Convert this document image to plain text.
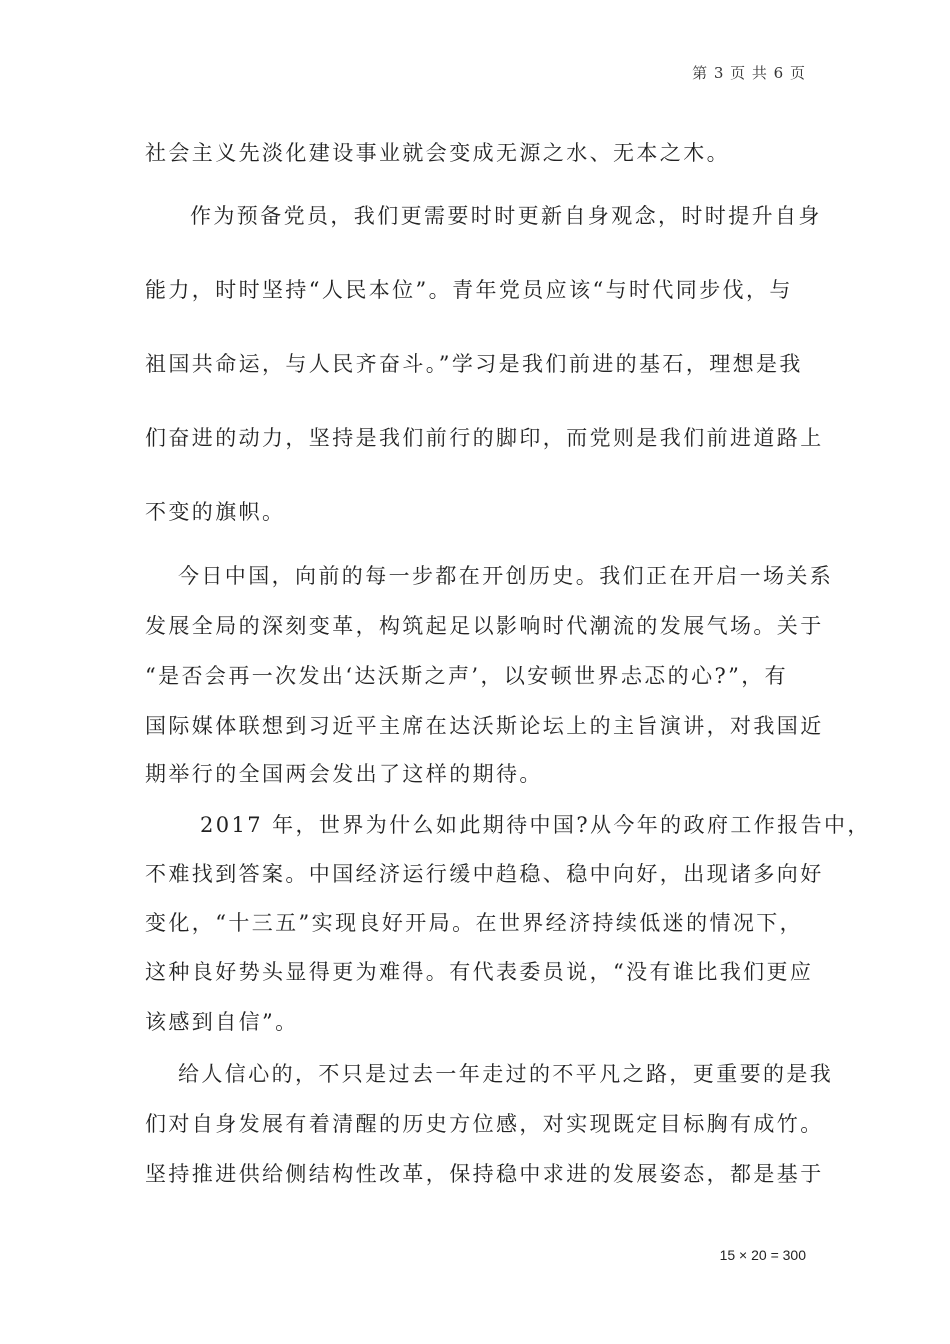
第 3 页 共 6 页
社会主义先淡化建设事业就会变成无源之水、无本之木。
作为预备党员，我们更需要时时更新自身观念，时时提升自身
能力，时时坚持“人民本位”。青年党员应该“与时代同步伐，与
祖国共命运，与人民齐奋斗。”学习是我们前进的基石，理想是我
们奋进的动力，坚持是我们前行的脚印，而党则是我们前进道路上
不变的旗帜。
今日中国，向前的每一步都在开创历史。我们正在开启一场关系
发展全局的深刻变革，构筑起足以影响时代潮流的发展气场。关于
“是否会再一次发出‘达沃斯之声’，以安顿世界忐忑的心?”，有
国际媒体联想到习近平主席在达沃斯论坛上的主旨演讲，对我国近
期举行的全国两会发出了这样的期待。
2017 年，世界为什么如此期待中国?从今年的政府工作报告中，
不难找到答案。中国经济运行缓中趋稳、稳中向好，出现诸多向好
变化，“十三五”实现良好开局。在世界经济持续低迷的情况下，
这种良好势头显得更为难得。有代表委员说，“没有谁比我们更应
该感到自信”。
给人信心的，不只是过去一年走过的不平凡之路，更重要的是我
们对自身发展有着清醒的历史方位感，对实现既定目标胸有成竹。
坚持推进供给侧结构性改革，保持稳中求进的发展姿态，都是基于
15 × 20 = 300
